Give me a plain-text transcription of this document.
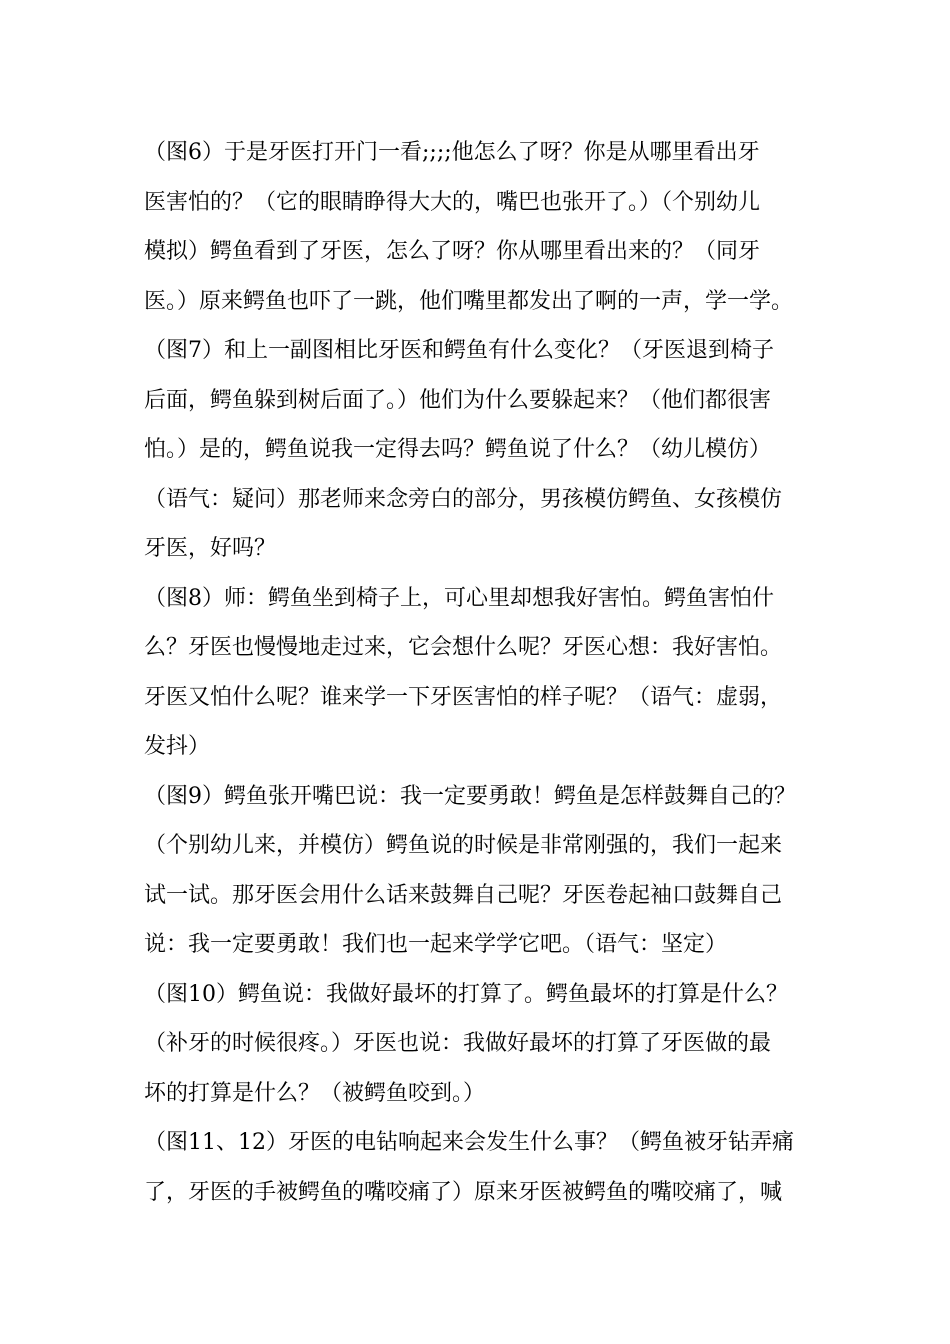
（图6）于是牙医打开门一看;;;;他怎么了呀？你是从哪里看出牙
医害怕的？（它的眼睛睁得大大的，嘴巴也张开了。）（个别幼儿
模拟）鳄鱼看到了牙医，怎么了呀？你从哪里看出来的？（同牙
医。）原来鳄鱼也吓了一跳，他们嘴里都发出了啊的一声，学一学。
（图7）和上一副图相比牙医和鳄鱼有什么变化？（牙医退到椅子
后面，鳄鱼躲到树后面了。）他们为什么要躲起来？（他们都很害
怕。）是的，鳄鱼说我一定得去吗？鳄鱼说了什么？（幼儿模仿）
（语气：疑问）那老师来念旁白的部分，男孩模仿鳄鱼、女孩模仿
牙医，好吗？
（图8）师：鳄鱼坐到椅子上，可心里却想我好害怕。鳄鱼害怕什
么？牙医也慢慢地走过来，它会想什么呢？牙医心想：我好害怕。
牙医又怕什么呢？谁来学一下牙医害怕的样子呢？（语气：虚弱，
发抖）
（图9）鳄鱼张开嘴巴说：我一定要勇敢！鳄鱼是怎样鼓舞自己的？
（个别幼儿来，并模仿）鳄鱼说的时候是非常刚强的，我们一起来
试一试。那牙医会用什么话来鼓舞自己呢？牙医卷起袖口鼓舞自己
说：我一定要勇敢！我们也一起来学学它吧。（语气：坚定）
（图10）鳄鱼说：我做好最坏的打算了。鳄鱼最坏的打算是什么？
（补牙的时候很疼。）牙医也说：我做好最坏的打算了牙医做的最
坏的打算是什么？（被鳄鱼咬到。）
（图11、12）牙医的电钻响起来会发生什么事？（鳄鱼被牙钻弄痛
了，牙医的手被鳄鱼的嘴咬痛了）原来牙医被鳄鱼的嘴咬痛了，喊
